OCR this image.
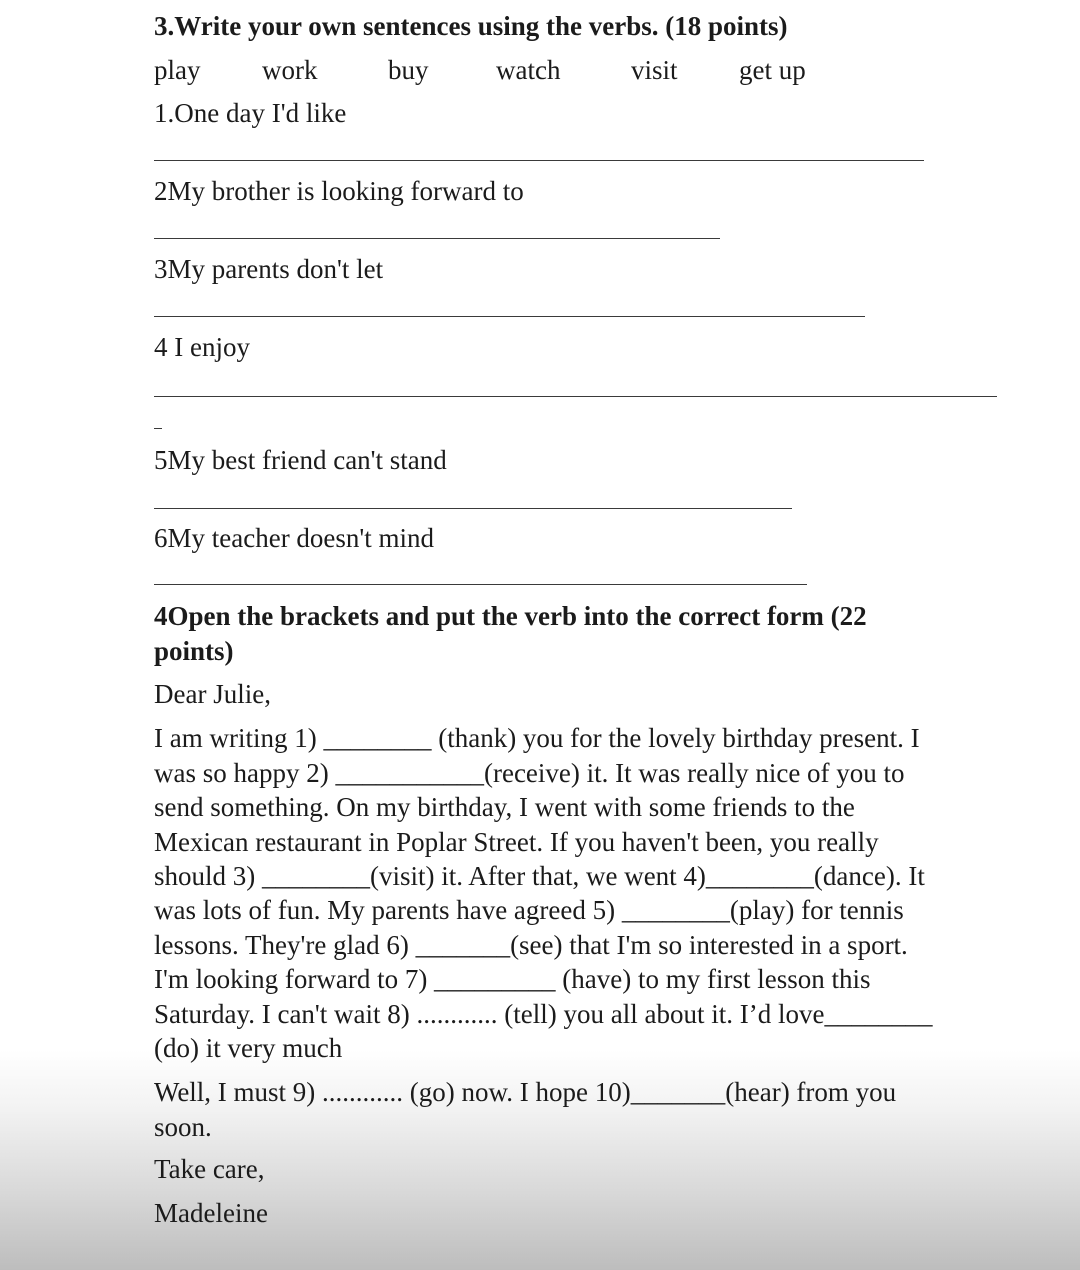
3.Write your own sentences using the verbs. (18 points)
play work	buy	watch	visit get up
1.One day I'd like
2My brother is looking forward to
3My parents don't let
4 I enjoy
5My best friend can't stand
6My teacher doesn't mind
4Open the brackets and put the verb into the correct form (22
points)
Dear Julie,
I am writing 1) ________ (thank) you for the lovely birthday present. I
was so happy 2) ___________(receive) it. It was really nice of you to
send something. On my birthday, I went with some friends to the
Mexican restaurant in Poplar Street. If you haven't been, you really
should 3) ________(visit) it. After that, we went 4)________(dance). It
was lots of fun. My parents have agreed 5) ________(play) for tennis
lessons. They're glad 6) _______(see) that I'm so interested in a sport.
I'm looking forward to 7) _________ (have) to my first lesson this
Saturday. I can't wait 8) ............ (tell) you all about it. I’d love________
(do) it very much
Well, I must 9) ............ (go) now. I hope 10)_______(hear) from you
soon.
Take care,
Madeleine
